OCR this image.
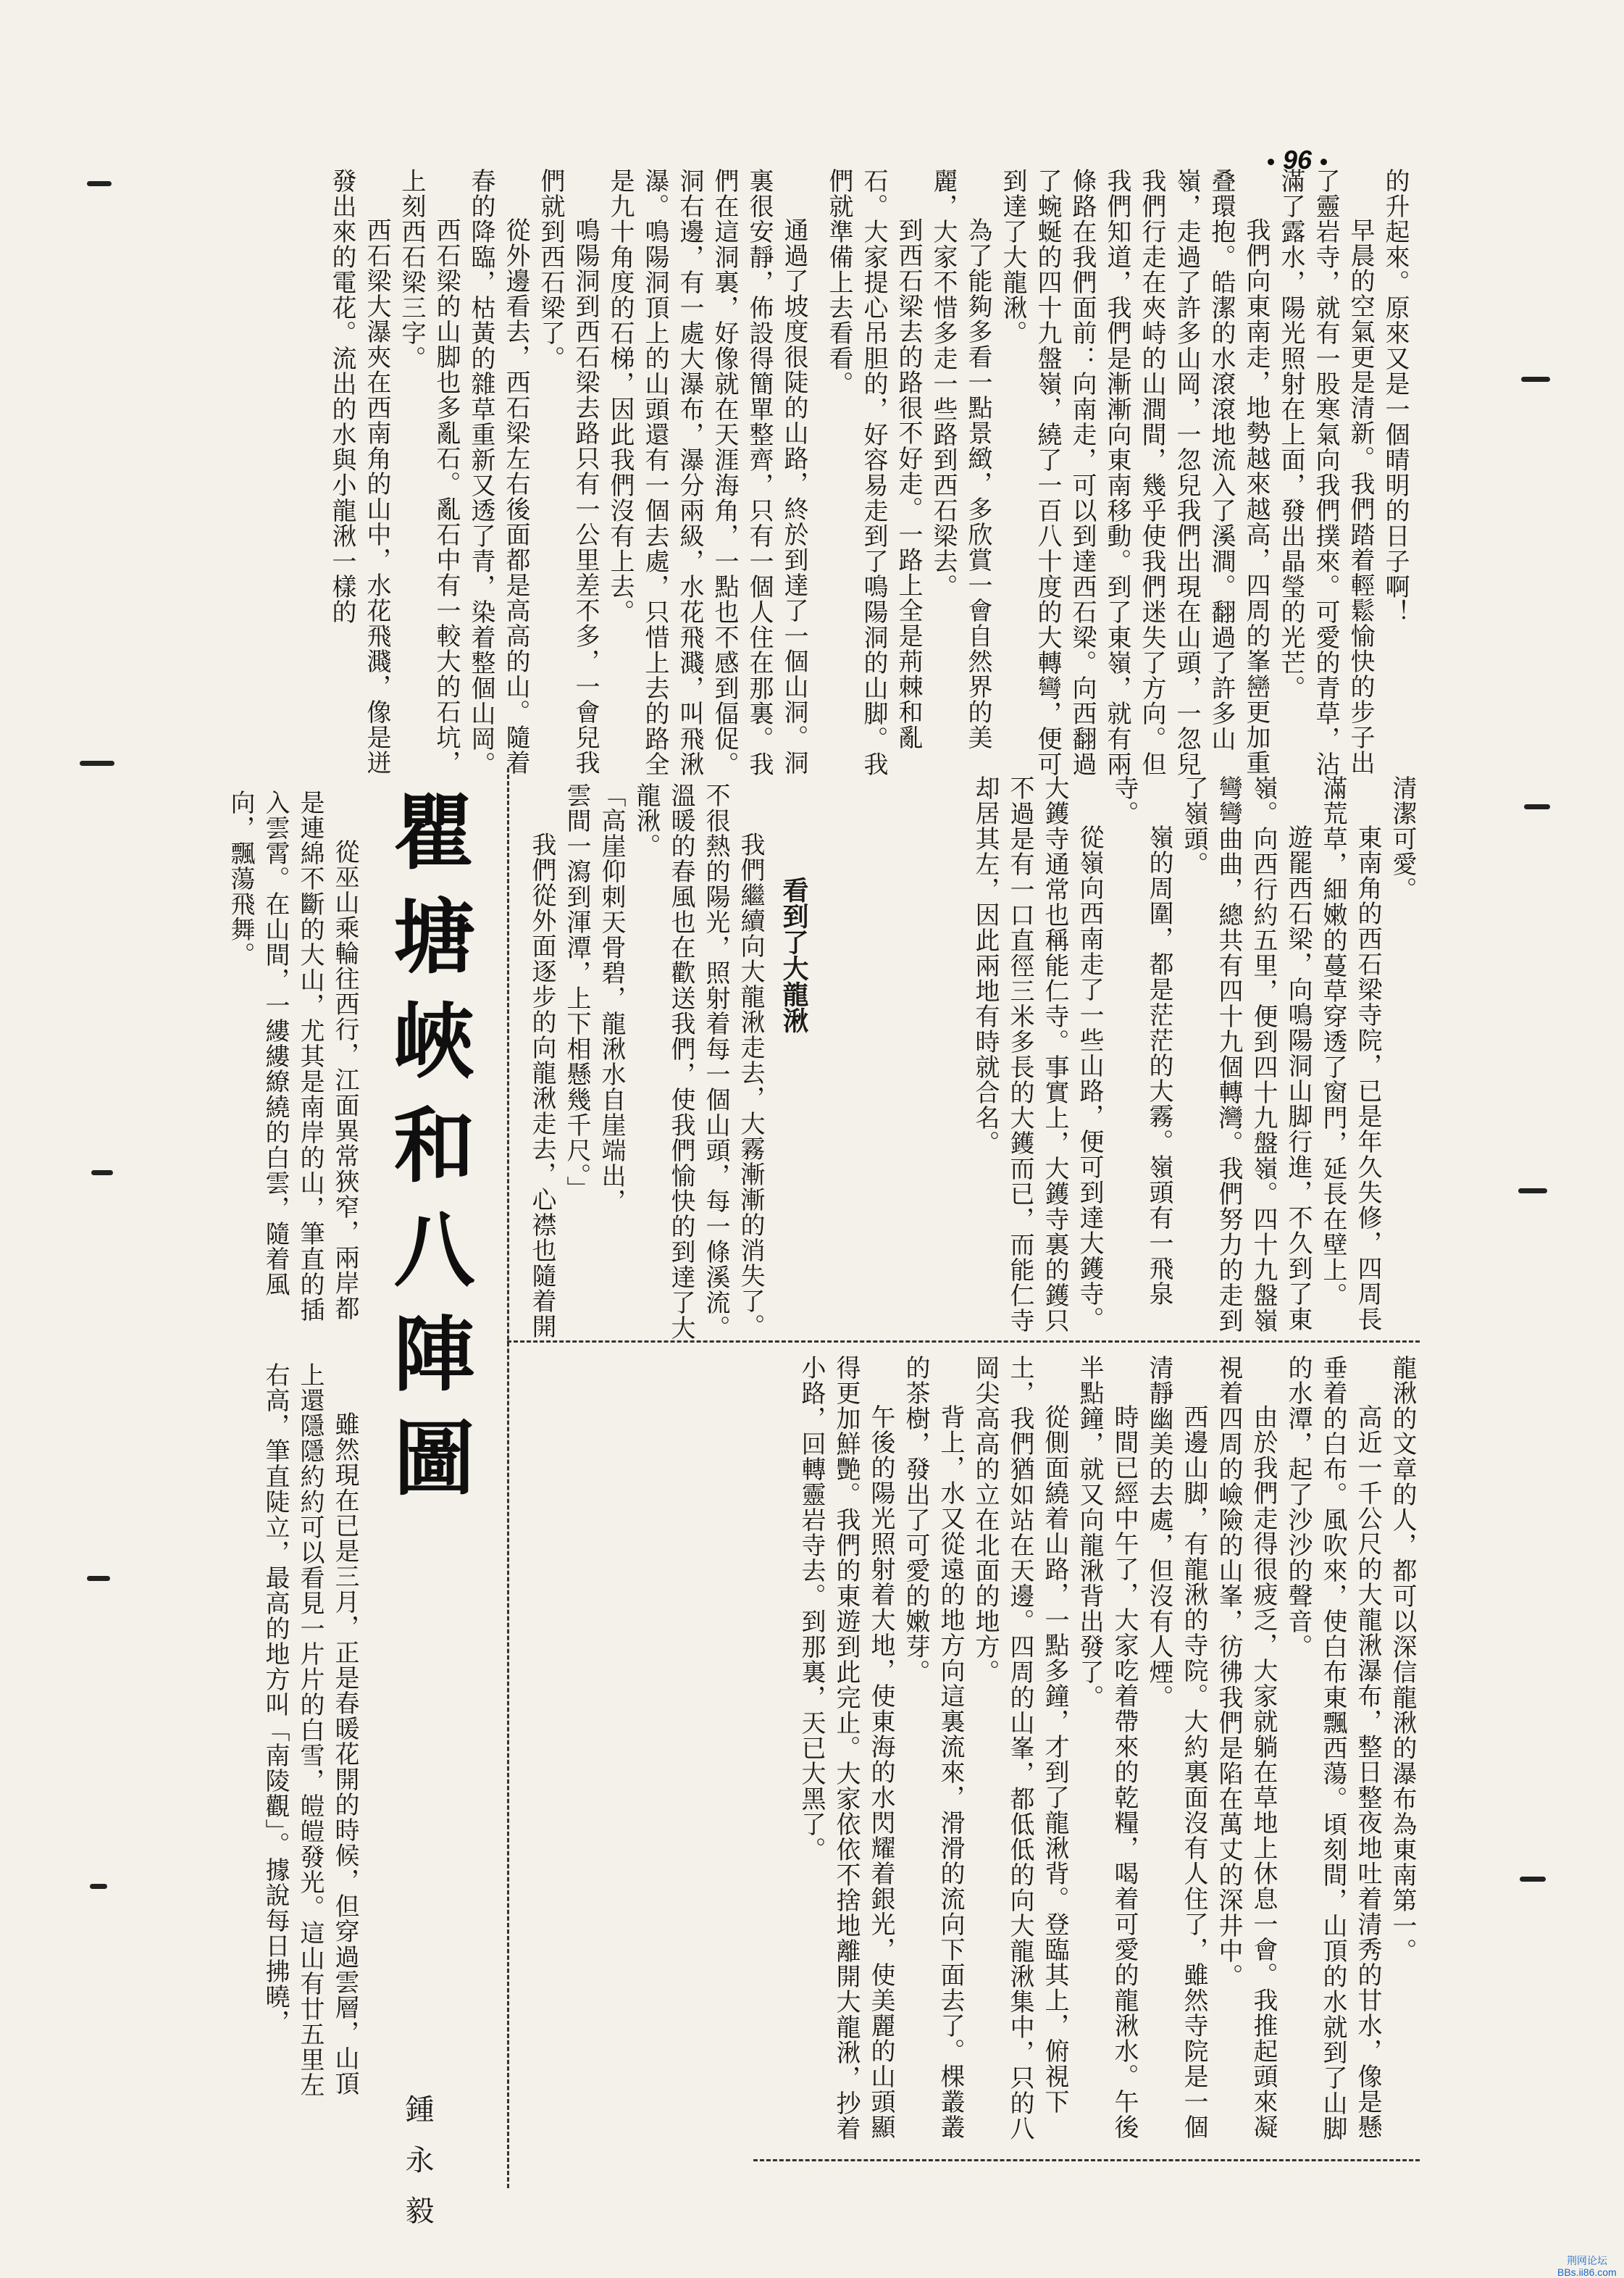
96

的升起來。原來又是一個晴明的日子啊！

早晨的空氣更是清新。我們踏着輕鬆愉快的步子出了靈岩寺，就有一股寒氣向我們撲來。可愛的青草，沾滿了露水，陽光照射在上面，發出晶瑩的光芒。

我們向東南走，地勢越來越高，四周的峯巒更加重叠環抱。皓潔的水滾滾地流入了溪澗。翻過了許多山嶺，走過了許多山岡，一忽兒我們出現在山頭，一忽兒我們行走在夾峙的山澗間，幾乎使我們迷失了方向。但我們知道，我們是漸漸向東南移動。到了東嶺，就有兩條路在我們面前：向南走，可以到達西石梁。向西翻過了蜿蜒的四十九盤嶺，繞了一百八十度的大轉彎，便可到達了大龍湫。

為了能夠多看一點景緻，多欣賞一會自然界的美麗，大家不惜多走一些路到西石梁去。

到西石梁去的路很不好走。一路上全是荊棘和亂石。大家提心吊胆的，好容易走到了鳴陽洞的山脚。我們就準備上去看看。

通過了坡度很陡的山路，終於到達了一個山洞。洞裏很安靜，佈設得簡單整齊，只有一個人住在那裏。我們在這洞裏，好像就在天涯海角，一點也不感到偪促。洞右邊，有一處大瀑布，瀑分兩級，水花飛濺，叫飛湫瀑。鳴陽洞頂上的山頭還有一個去處，只惜上去的路全是九十角度的石梯，因此我們沒有上去。

鳴陽洞到西石梁去路只有一公里差不多，一會兒我們就到西石梁了。

從外邊看去，西石梁左右後面都是高高的山。隨着春的降臨，枯黃的雜草重新又透了青，染着整個山岡。

西石梁的山脚也多亂石。亂石中有一較大的石坑，上刻西石梁三字。

西石梁大瀑夾在西南角的山中，水花飛濺，像是迸發出來的電花。流出的水與小龍湫一樣的

清潔可愛。

東南角的西石梁寺院，已是年久失修，四周長滿荒草，細嫩的蔓草穿透了窗門，延長在壁上。

遊罷西石梁，向鳴陽洞山脚行進，不久到了東嶺。向西行約五里，便到四十九盤嶺。四十九盤嶺彎彎曲曲，總共有四十九個轉灣。我們努力的走到了嶺頭。

嶺的周圍，都是茫茫的大霧。嶺頭有一飛泉寺。

從嶺向西南走了一些山路，便可到達大鑊寺。大鑊寺通常也稱能仁寺。事實上，大鑊寺裏的鑊只不過是有一口直徑三米多長的大鑊而已，而能仁寺却居其左，因此兩地有時就合名。

看到了大龍湫

我們繼續向大龍湫走去，大霧漸漸的消失了。不很熱的陽光，照射着每一個山頭，每一條溪流。溫暖的春風也在歡送我們，使我們愉快的到達了大龍湫。

「高崖仰刺天骨碧，龍湫水自崖端出，

雲間一瀉到渾潭，上下相懸幾千尺。」

我們從外面逐步的向龍湫走去，心襟也隨着開

龍湫的文章的人，都可以深信龍湫的瀑布為東南第一。

高近一千公尺的大龍湫瀑布，整日整夜地吐着清秀的甘水，像是懸垂着的白布。風吹來，使白布東飄西蕩。頃刻間，山頂的水就到了山脚的水潭，起了沙沙的聲音。

由於我們走得很疲乏，大家就躺在草地上休息一會。我推起頭來凝視着四周的嶮險的山峯，彷彿我們是陷在萬丈的深井中。

西邊山脚，有龍湫的寺院。大約裏面沒有人住了，雖然寺院是一個清靜幽美的去處，但沒有人煙。

時間已經中午了，大家吃着帶來的乾糧，喝着可愛的龍湫水。午後半點鐘，就又向龍湫背出發了。

從側面繞着山路，一點多鐘，才到了龍湫背。登臨其上，俯視下土，我們猶如站在天邊。四周的山峯，都低低的向大龍湫集中，只的八岡尖高高的立在北面的地方。

背上，水又從遠的地方向這裏流來，滑滑的流向下面去了。棵叢叢的茶樹，發出了可愛的嫩芽。

午後的陽光照射着大地，使東海的水閃耀着銀光，使美麗的山頭顯得更加鮮艷。我們的東遊到此完止。大家依依不捨地離開大龍湫，抄着小路，回轉靈岩寺去。到那裏，天已大黑了。

瞿塘峽和八陣圖
鍾永毅

從巫山乘輪往西行，江面異常狹窄，兩岸都是連綿不斷的大山，尤其是南岸的山，筆直的插入雲霄。在山間，一縷縷繚繞的白雲，隨着風向，飄蕩飛舞。

雖然現在已是三月，正是春暖花開的時候，但穿過雲層，山頂上還隱隱約約可以看見一片片的白雪，皚皚發光。這山有廿五里左右高，筆直陡立，最高的地方叫「南陵觀」。據說每日拂曉，

荆网论坛
BBs.ii86.com
